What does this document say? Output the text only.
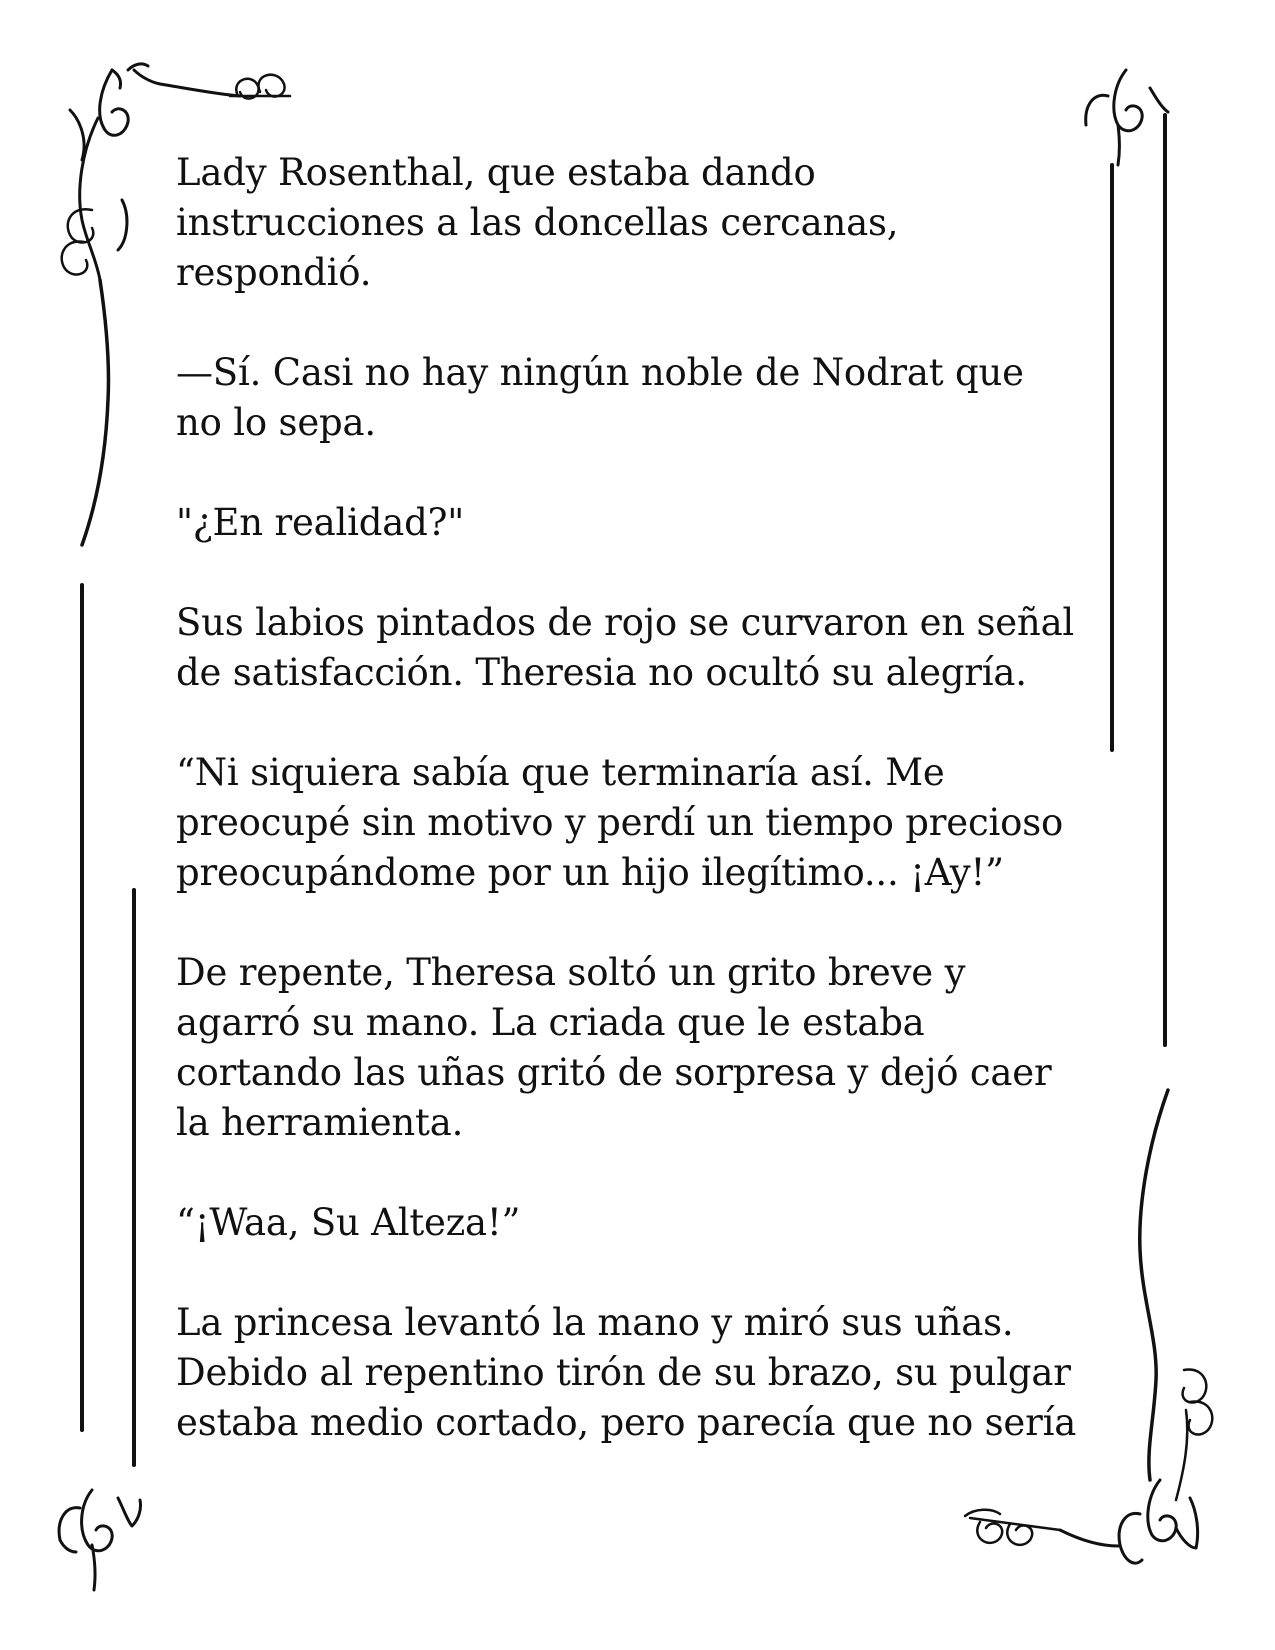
Lady Rosenthal, que estaba dando
instrucciones a las doncellas cercanas,
respondió.

—Sí. Casi no hay ningún noble de Nodrat que
no lo sepa.

"¿En realidad?"

Sus labios pintados de rojo se curvaron en señal
de satisfacción. Theresia no ocultó su alegría.

“Ni siquiera sabía que terminaría así. Me
preocupé sin motivo y perdí un tiempo precioso
preocupándome por un hijo ilegítimo... ¡Ay!”

De repente, Theresa soltó un grito breve y
agarró su mano. La criada que le estaba
cortando las uñas gritó de sorpresa y dejó caer
la herramienta.

“¡Waa, Su Alteza!”

La princesa levantó la mano y miró sus uñas.
Debido al repentino tirón de su brazo, su pulgar
estaba medio cortado, pero parecía que no sería
